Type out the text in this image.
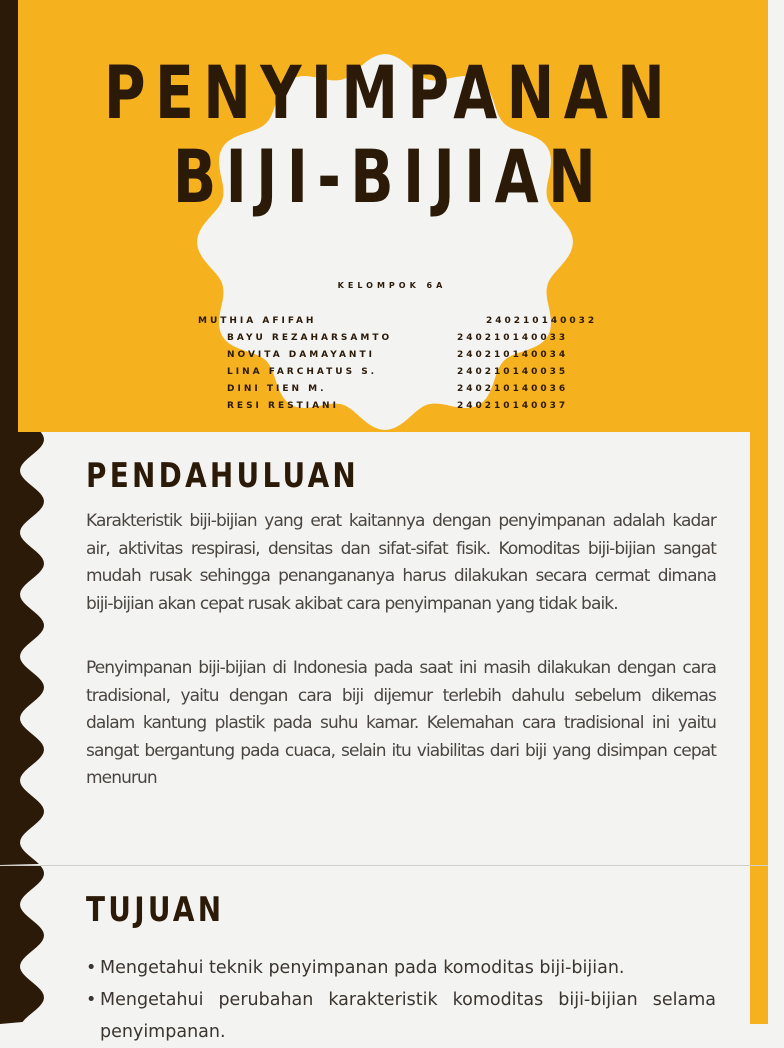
PENYIMPANAN
BIJI-BIJIAN
KELOMPOK 6A
MUTHIA AFIFAH	240210140032
BAYU REZAHARSAMTO	240210140033
NOVITA DAMAYANTI	240210140034
LINA FARCHATUS S.	240210140035
DINI TIEN M.	240210140036
RESI RESTIANI	240210140037
PENDAHULUAN

Karakteristik biji-bijian yang erat kaitannya dengan penyimpanan adalah kadar air, aktivitas respirasi, densitas dan sifat-sifat fisik. Komoditas biji-bijian sangat mudah rusak sehingga penangananya harus dilakukan secara cermat dimana biji-bijian akan cepat rusak akibat cara penyimpanan yang tidak baik.

Penyimpanan biji-bijian di Indonesia pada saat ini masih dilakukan dengan cara tradisional, yaitu dengan cara biji dijemur terlebih dahulu sebelum dikemas dalam kantung plastik pada suhu kamar. Kelemahan cara tradisional ini yaitu sangat bergantung pada cuaca, selain itu viabilitas dari biji yang disimpan cepat menurun

TUJUAN
• Mengetahui teknik penyimpanan pada komoditas biji-bijian.
• Mengetahui perubahan karakteristik komoditas biji-bijian selama penyimpanan.
